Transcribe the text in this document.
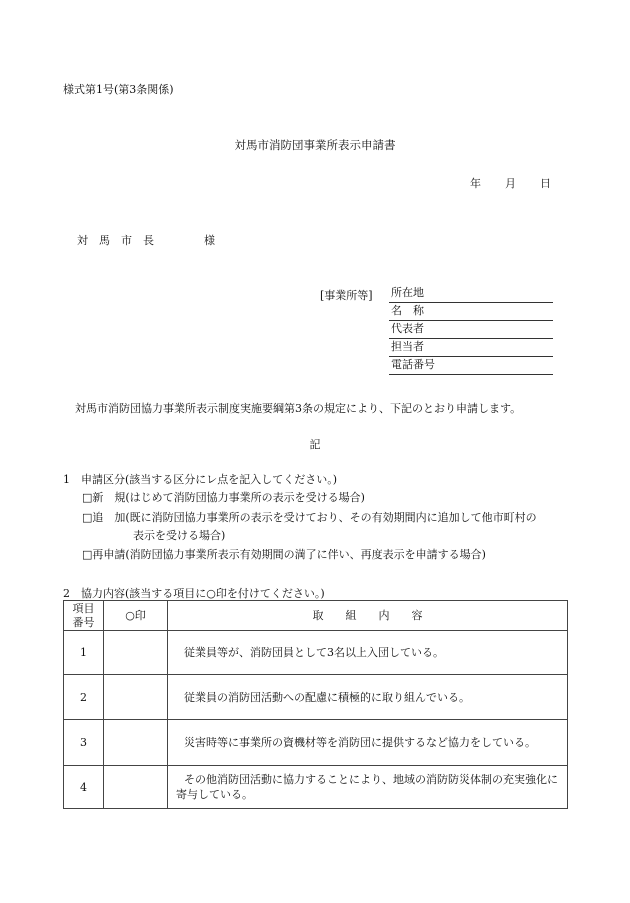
様式第1号(第3条関係)
対馬市消防団事業所表示申請書
年 月 日
対　馬　市　長	様
[事業所等] 所在地
名　称
代表者
担当者
電話番号
対馬市消防団協力事業所表示制度実施要綱第3条の規定により、下記のとおり申請します。
記
1　申請区分(該当する区分にレ点を記入してください。)
□新　規(はじめて消防団協力事業所の表示を受ける場合)
□追　加(既に消防団協力事業所の表示を受けており、その有効期間内に追加して他市町村の
表示を受ける場合)
□再申請(消防団協力事業所表示有効期間の満了に伴い、再度表示を申請する場合)
2　協力内容(該当する項目に○印を付けてください。)
項目
番号	○印	取　　組　　内　　容
1		従業員等が、消防団員として3名以上入団している。
2		従業員の消防団活動への配慮に積極的に取り組んでいる。
3		災害時等に事業所の資機材等を消防団に提供するなど協力をしている。
4		その他消防団活動に協力することにより、地域の消防防災体制の充実強化に寄与している。
